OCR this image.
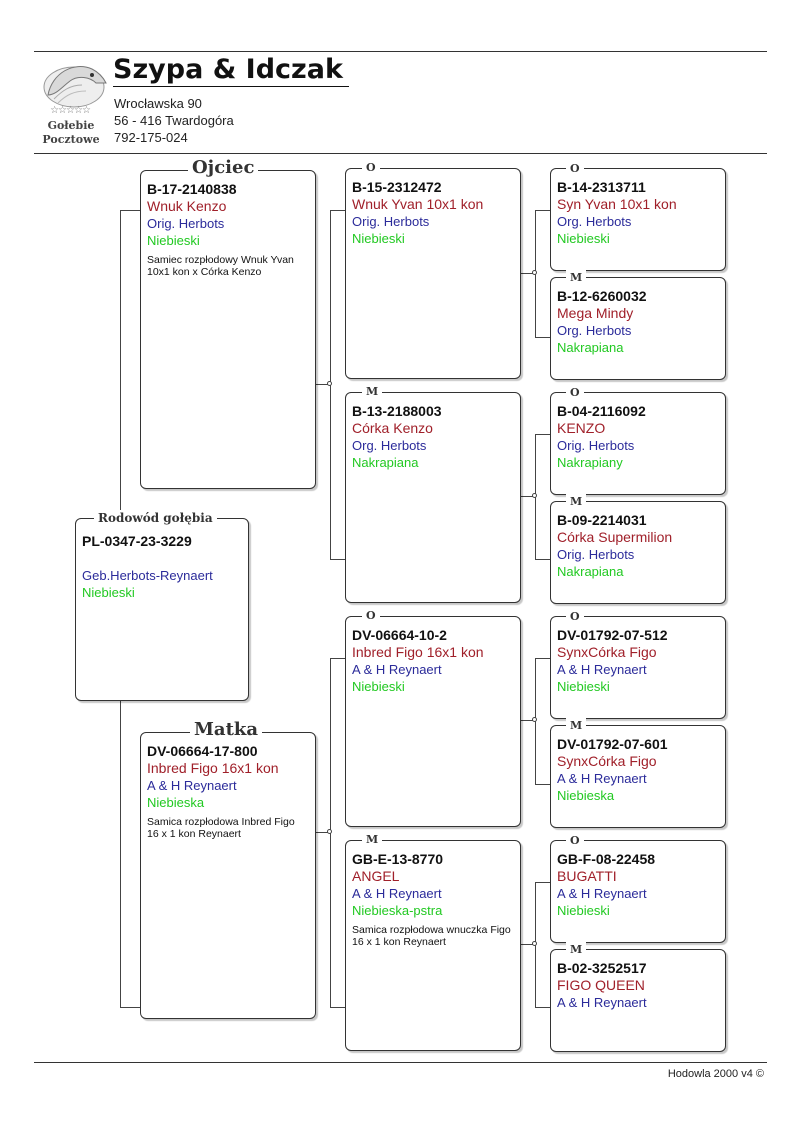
☆☆☆☆☆
Gołebie
Pocztowe
Szypa & Idczak
Wrocławska 90
56 - 416 Twardogóra
792-175-024
PL-0347-23-3229
Geb.Herbots-Reynaert
Niebieski
Rodowód gołębia
B-17-2140838
Wnuk Kenzo
Orig. Herbots
Niebieski
Samiec rozpłodowy Wnuk Yvan 10x1 kon x Córka Kenzo
Ojciec
DV-06664-17-800
Inbred Figo 16x1 kon
A & H Reynaert
Niebieska
Samica rozpłodowa Inbred Figo 16 x 1 kon Reynaert
Matka
B-15-2312472
Wnuk Yvan 10x1 kon
Orig. Herbots
Niebieski
O
B-13-2188003
Córka Kenzo
Org. Herbots
Nakrapiana
M
DV-06664-10-2
Inbred Figo 16x1 kon
A & H Reynaert
Niebieski
O
GB-E-13-8770
ANGEL
A & H Reynaert
Niebieska-pstra
Samica rozpłodowa wnuczka Figo 16 x 1 kon Reynaert
M
B-14-2313711
Syn Yvan 10x1 kon
Org. Herbots
Niebieski
O
B-12-6260032
Mega Mindy
Org. Herbots
Nakrapiana
M
B-04-2116092
KENZO
Orig. Herbots
Nakrapiany
O
B-09-2214031
Córka Supermilion
Orig. Herbots
Nakrapiana
M
DV-01792-07-512
SynxCórka Figo
A & H Reynaert
Niebieski
O
DV-01792-07-601
SynxCórka Figo
A & H Reynaert
Niebieska
M
GB-F-08-22458
BUGATTI
A & H Reynaert
Niebieski
O
B-02-3252517
FIGO QUEEN
A & H Reynaert
M
Hodowla 2000 v4 ©
